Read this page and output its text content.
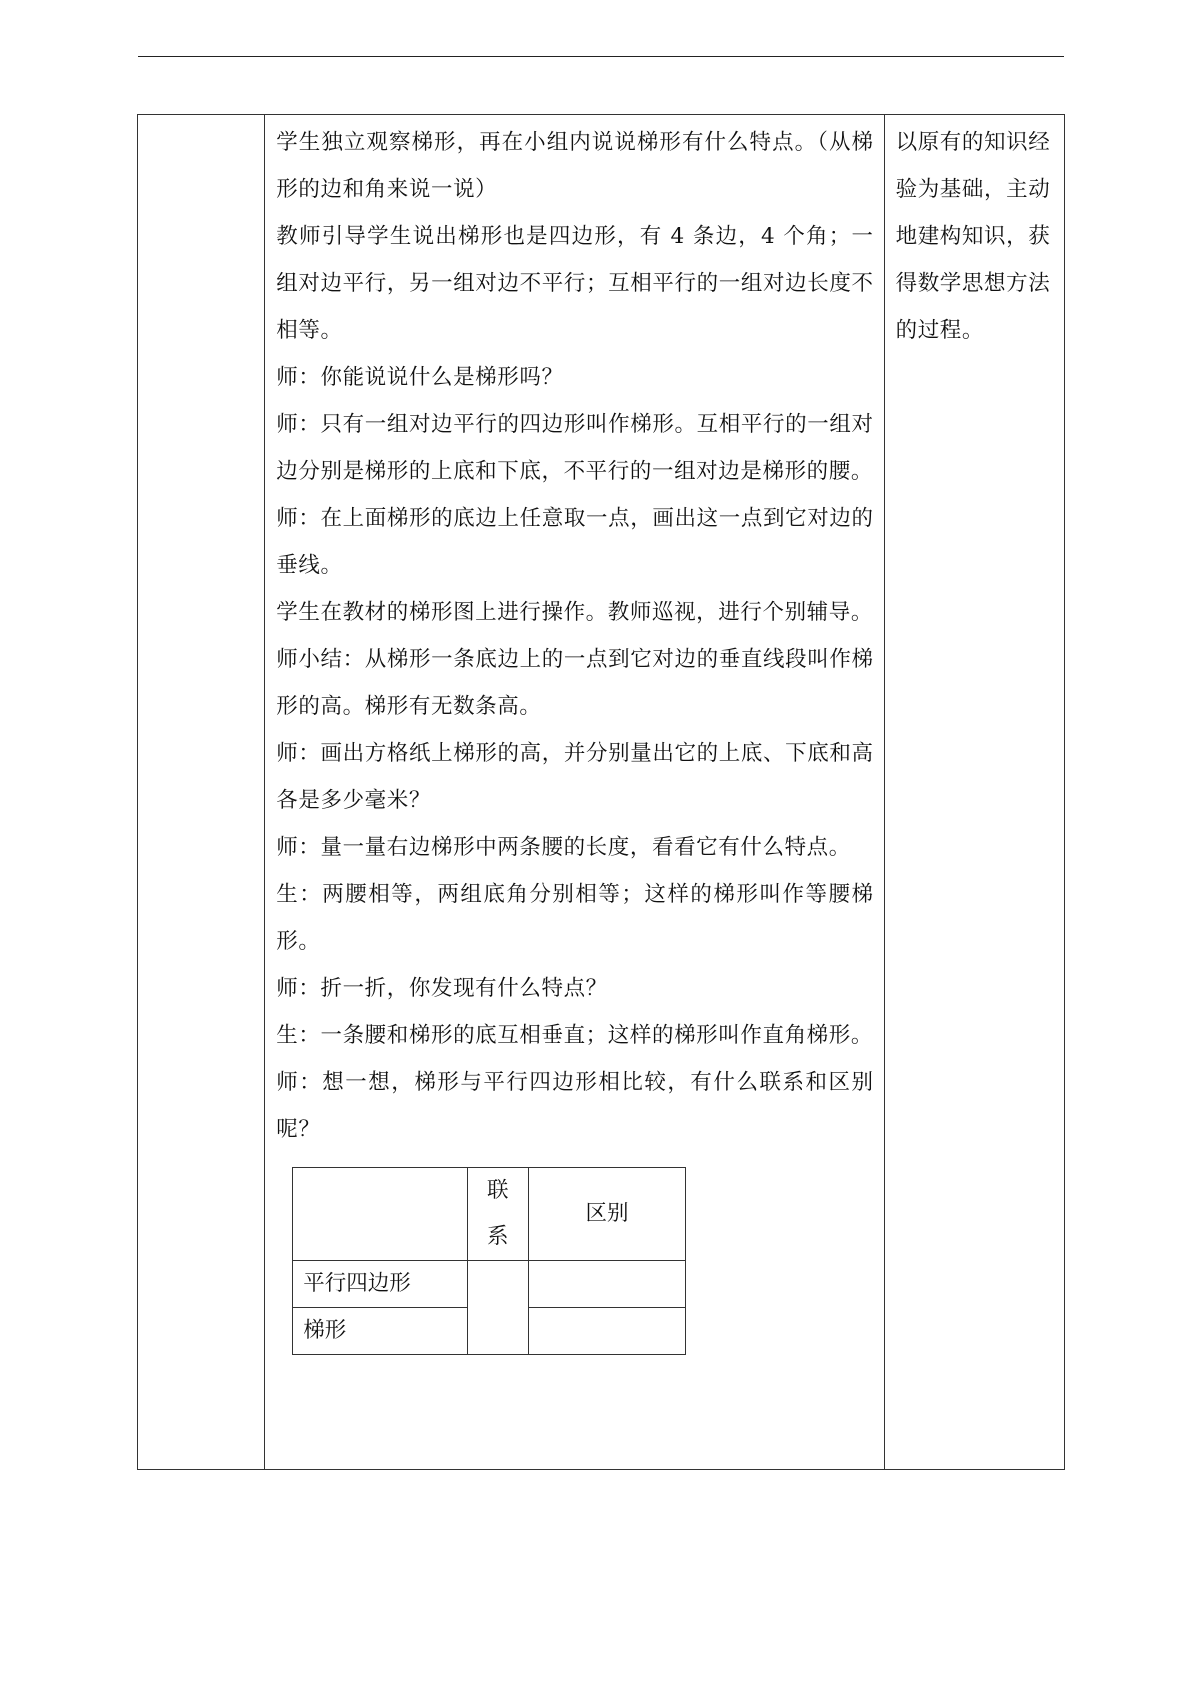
学生独立观察梯形，再在小组内说说梯形有什么特点。（从梯形的边和角来说一说）

教师引导学生说出梯形也是四边形，有 4 条边，4 个角；一组对边平行，另一组对边不平行；互相平行的一组对边长度不相等。

师：你能说说什么是梯形吗？

师：只有一组对边平行的四边形叫作梯形。互相平行的一组对边分别是梯形的上底和下底，不平行的一组对边是梯形的腰。

师：在上面梯形的底边上任意取一点，画出这一点到它对边的垂线。

学生在教材的梯形图上进行操作。教师巡视，进行个别辅导。

师小结：从梯形一条底边上的一点到它对边的垂直线段叫作梯形的高。梯形有无数条高。

师：画出方格纸上梯形的高，并分别量出它的上底、下底和高各是多少毫米？

师：量一量右边梯形中两条腰的长度，看看它有什么特点。

生：两腰相等，两组底角分别相等；这样的梯形叫作等腰梯形。

师：折一折，你发现有什么特点？

生：一条腰和梯形的底互相垂直；这样的梯形叫作直角梯形。

师：想一想，梯形与平行四边形相比较，有什么联系和区别呢？

	联系	区别
平行四边形		
梯形	

以原有的知识经验为基础，主动地建构知识，获得数学思想方法的过程。
